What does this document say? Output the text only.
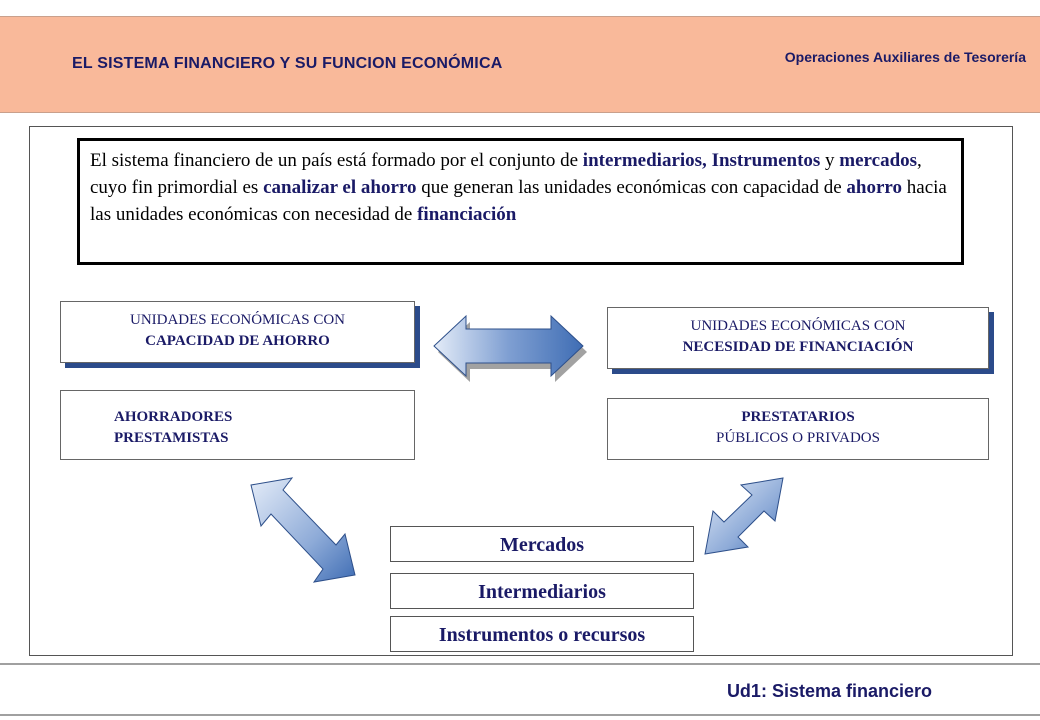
EL SISTEMA FINANCIERO Y SU FUNCION ECONÓMICA	Operaciones Auxiliares de Tesorería
El sistema financiero de un país está formado por el conjunto de intermediarios, Instrumentos y mercados, cuyo fin primordial es canalizar el ahorro que generan las unidades económicas con capacidad de ahorro hacia las unidades económicas con necesidad de financiación
UNIDADES ECONÓMICAS CON
CAPACIDAD DE AHORRO
UNIDADES ECONÓMICAS CON
NECESIDAD DE FINANCIACIÓN
AHORRADORES
PRESTAMISTAS
PRESTATARIOS
PÚBLICOS O PRIVADOS
Mercados
Intermediarios
Instrumentos o recursos
Ud1: Sistema financiero
